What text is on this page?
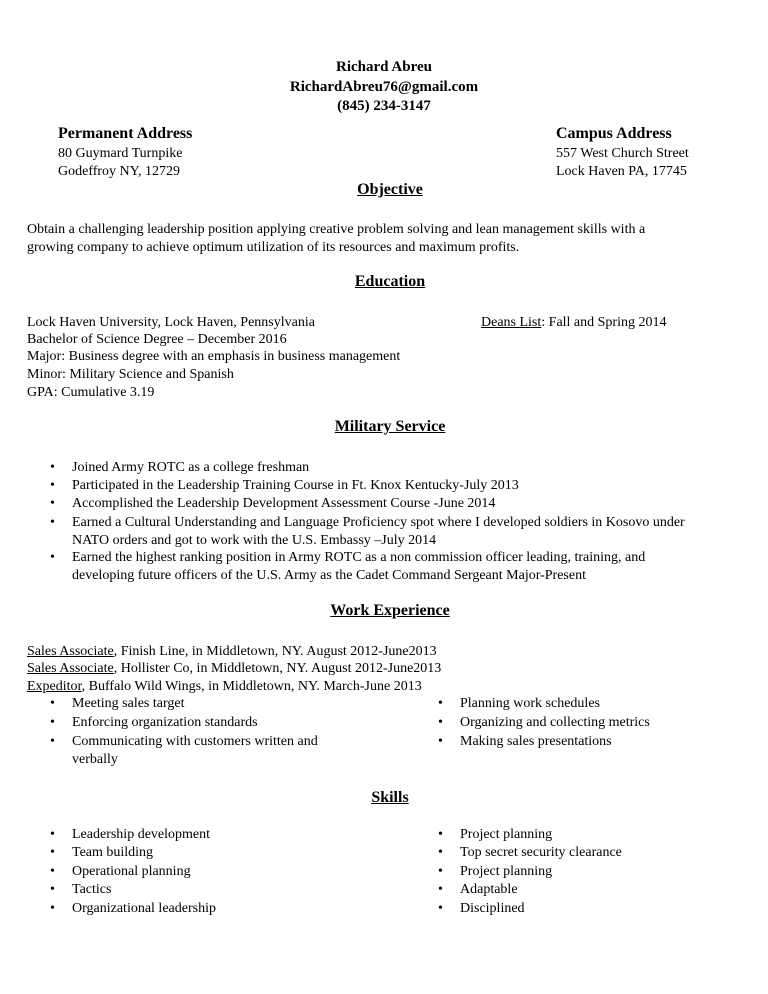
Richard Abreu
RichardAbreu76@gmail.com
(845) 234-3147
Permanent Address
80 Guymard Turnpike
Godeffroy NY, 12729
Campus Address
557 West Church Street
Lock Haven PA, 17745
Objective
Obtain a challenging leadership position applying creative problem solving and lean management skills with a
growing company to achieve optimum utilization of its resources and maximum profits.
Education
Lock Haven University, Lock Haven, Pennsylvania	Deans List: Fall and Spring 2014
Bachelor of Science Degree – December 2016
Major: Business degree with an emphasis in business management
Minor: Military Science and Spanish
GPA: Cumulative 3.19
Military Service
• Joined Army ROTC as a college freshman
• Participated in the Leadership Training Course in Ft. Knox Kentucky-July 2013
• Accomplished the Leadership Development Assessment Course -June 2014
• Earned a Cultural Understanding and Language Proficiency spot where I developed soldiers in Kosovo under
NATO orders and got to work with the U.S. Embassy –July 2014
• Earned the highest ranking position in Army ROTC as a non commission officer leading, training, and
developing future officers of the U.S. Army as the Cadet Command Sergeant Major-Present
Work Experience
Sales Associate, Finish Line, in Middletown, NY. August 2012-June2013
Sales Associate, Hollister Co, in Middletown, NY. August 2012-June2013
Expeditor, Buffalo Wild Wings, in Middletown, NY. March-June 2013
• Meeting sales target
• Enforcing organization standards
• Communicating with customers written and
verbally
• Planning work schedules
• Organizing and collecting metrics
• Making sales presentations
Skills
• Leadership development
• Team building
• Operational planning
• Tactics
• Organizational leadership
• Project planning
• Top secret security clearance
• Project planning
• Adaptable
• Disciplined
